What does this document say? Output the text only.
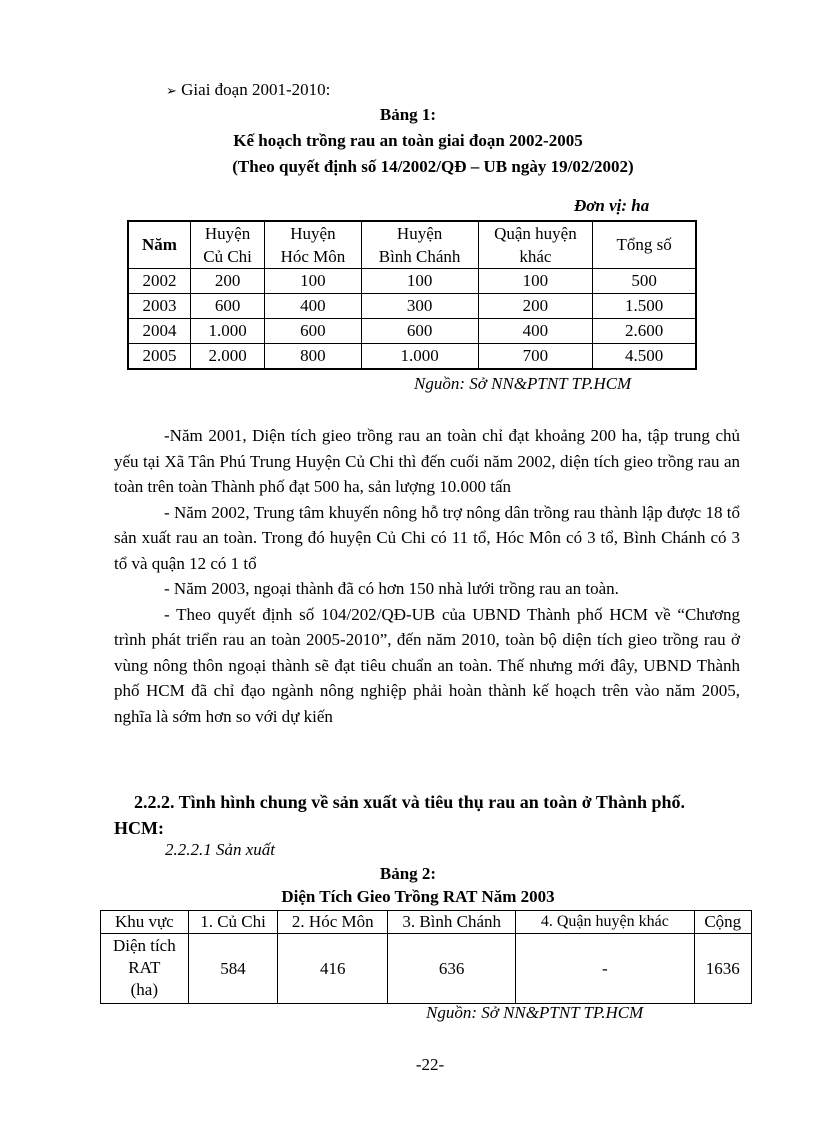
➢ Giai đoạn 2001-2010:
Bảng 1:
Kế hoạch trồng rau an toàn giai đoạn 2002-2005
(Theo quyết định số 14/2002/QĐ – UB ngày 19/02/2002)
Đơn vị: ha
Năm	Huyện	Huyện	Huyện	Quận huyện	Tổng số
	Củ Chi	Hóc Môn	Bình Chánh	khác	
2002	200	100	100	100	500
2003	600	400	300	200	1.500
2004	1.000	600	600	400	2.600
2005	2.000	800	1.000	700	4.500
Nguồn: Sở NN&PTNT TP.HCM

-Năm 2001, Diện tích gieo trồng rau an toàn chỉ đạt khoảng 200 ha, tập trung chủ yếu tại Xã Tân Phú Trung Huyện Củ Chi thì đến cuối năm 2002, diện tích gieo trồng rau an toàn trên toàn Thành phố đạt 500 ha, sản lượng 10.000 tấn

- Năm 2002, Trung tâm khuyến nông hỗ trợ nông dân trồng rau thành lập được 18 tổ sản xuất rau an toàn. Trong đó huyện Củ Chi có 11 tổ, Hóc Môn có 3 tổ, Bình Chánh có 3 tổ và quận 12 có 1 tổ

- Năm 2003, ngoại thành đã có hơn 150 nhà lưới trồng rau an toàn.

- Theo quyết định số 104/202/QĐ-UB của UBND Thành phố HCM về “Chương trình phát triển rau an toàn 2005-2010”, đến năm 2010, toàn bộ diện tích gieo trồng rau ở vùng nông thôn ngoại thành sẽ đạt tiêu chuẩn an toàn. Thế nhưng mới đây, UBND Thành phố HCM đã chỉ đạo ngành nông nghiệp phải hoàn thành kế hoạch trên vào năm 2005, nghĩa là sớm hơn so với dự kiến

2.2.2. Tình hình chung về sản xuất và tiêu thụ rau an toàn ở Thành phố.
HCM:
2.2.2.1 Sản xuất
Bảng 2:
Diện Tích Gieo Trồng RAT Năm 2003
Khu vực	1. Củ Chi	2. Hóc Môn	3. Bình Chánh	4. Quận huyện khác	Cộng

Diện tích
RAT
(ha)	584	416	636	-	1636
Nguồn: Sở NN&PTNT TP.HCM
-22-
